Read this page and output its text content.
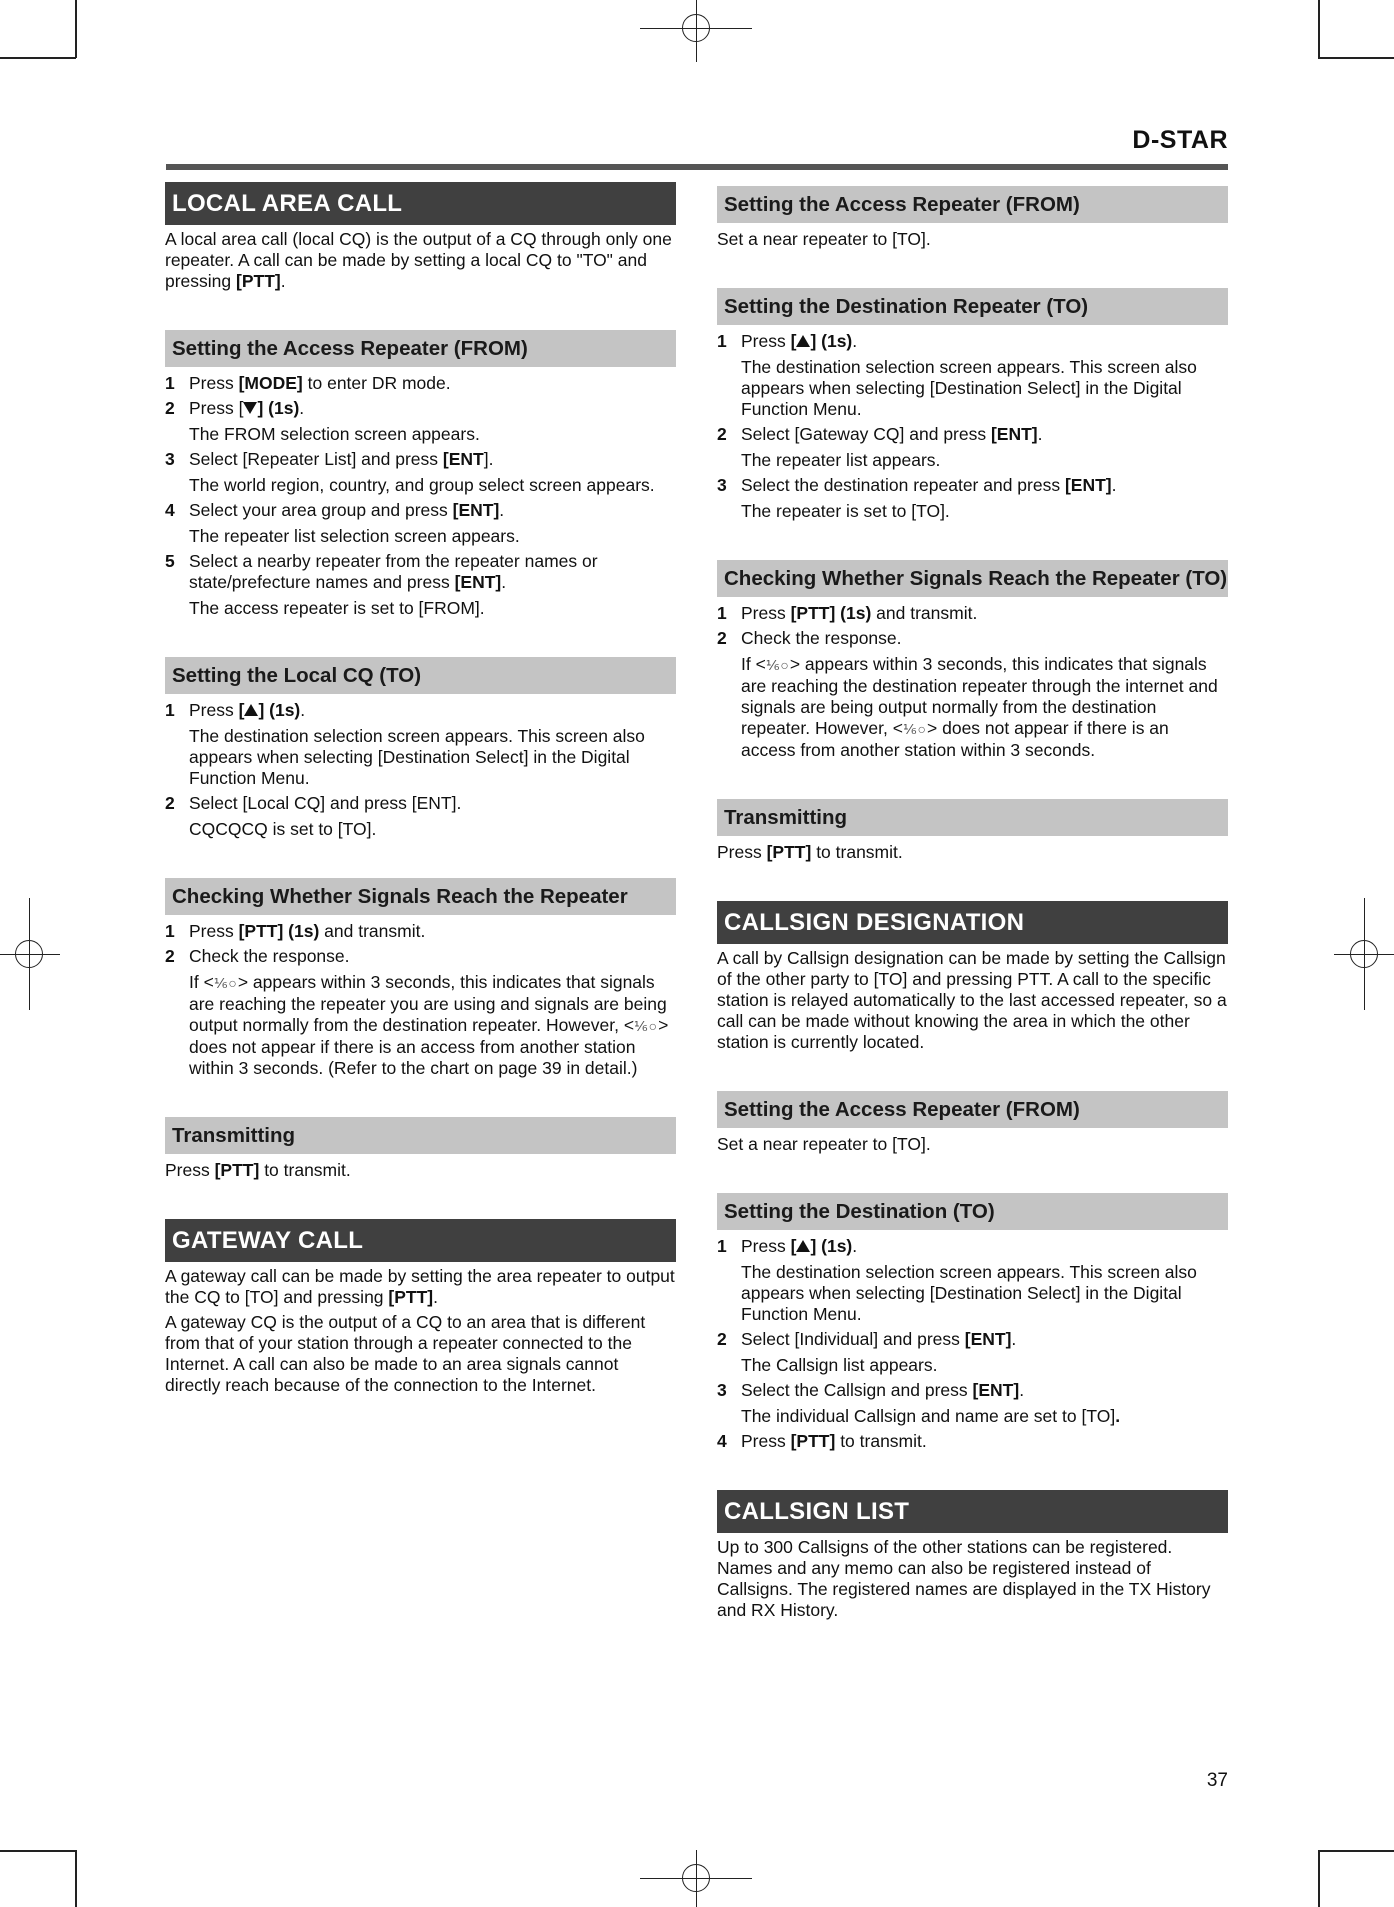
D-STAR
LOCAL AREA CALL

A local area call (local CQ) is the output of a CQ through only one repeater. A call can be made by setting a local CQ to "TO" and pressing [PTT].

Setting the Access Repeater (FROM)
1 Press [MODE] to enter DR mode.
2 Press [ ] (1s).
The FROM selection screen appears.
3 Select [Repeater List] and press [ENT].
The world region, country, and group select screen appears.
4 Select your area group and press [ENT].
The repeater list selection screen appears.
5 Select a nearby repeater from the repeater names or state/prefecture names and press [ENT].
The access repeater is set to [FROM].
Setting the Local CQ (TO)
1 Press [ ] (1s).
The destination selection screen appears. This screen also appears when selecting [Destination Select] in the Digital Function Menu.
2 Select [Local CQ] and press [ENT].
CQCQCQ is set to [TO].
Checking Whether Signals Reach the Repeater
1 Press [PTT] (1s) and transmit.
2 Check the response.
If <⅙○> appears within 3 seconds, this indicates that signals are reaching the repeater you are using and signals are being output normally from the destination repeater. However, <⅙○> does not appear if there is an access from another station within 3 seconds. (Refer to the chart on page 39 in detail.)
Transmitting

Press [PTT] to transmit.

GATEWAY CALL

A gateway call can be made by setting the area repeater to output the CQ to [TO] and pressing [PTT].

A gateway CQ is the output of a CQ to an area that is different from that of your station through a repeater connected to the Internet. A call can also be made to an area signals cannot directly reach because of the connection to the Internet.

Setting the Access Repeater (FROM)

Set a near repeater to [TO].

Setting the Destination Repeater (TO)
1 Press [ ] (1s).
The destination selection screen appears. This screen also appears when selecting [Destination Select] in the Digital Function Menu.
2 Select [Gateway CQ] and press [ENT].
The repeater list appears.
3 Select the destination repeater and press [ENT].
The repeater is set to [TO].
Checking Whether Signals Reach the Repeater (TO)
1 Press [PTT] (1s) and transmit.
2 Check the response.
If <⅙○> appears within 3 seconds, this indicates that signals are reaching the destination repeater through the internet and signals are being output normally from the destination repeater. However, <⅙○> does not appear if there is an access from another station within 3 seconds.
Transmitting

Press [PTT] to transmit.

CALLSIGN DESIGNATION

A call by Callsign designation can be made by setting the Callsign of the other party to [TO] and pressing PTT. A call to the specific station is relayed automatically to the last accessed repeater, so a call can be made without knowing the area in which the other station is currently located.

Setting the Access Repeater (FROM)

Set a near repeater to [TO].

Setting the Destination (TO)
1 Press [ ] (1s).
The destination selection screen appears. This screen also appears when selecting [Destination Select] in the Digital Function Menu.
2 Select [Individual] and press [ENT].
The Callsign list appears.
3 Select the Callsign and press [ENT].
The individual Callsign and name are set to [TO].
4 Press [PTT] to transmit.
CALLSIGN LIST

Up to 300 Callsigns of the other stations can be registered. Names and any memo can also be registered instead of Callsigns. The registered names are displayed in the TX History and RX History.

37
